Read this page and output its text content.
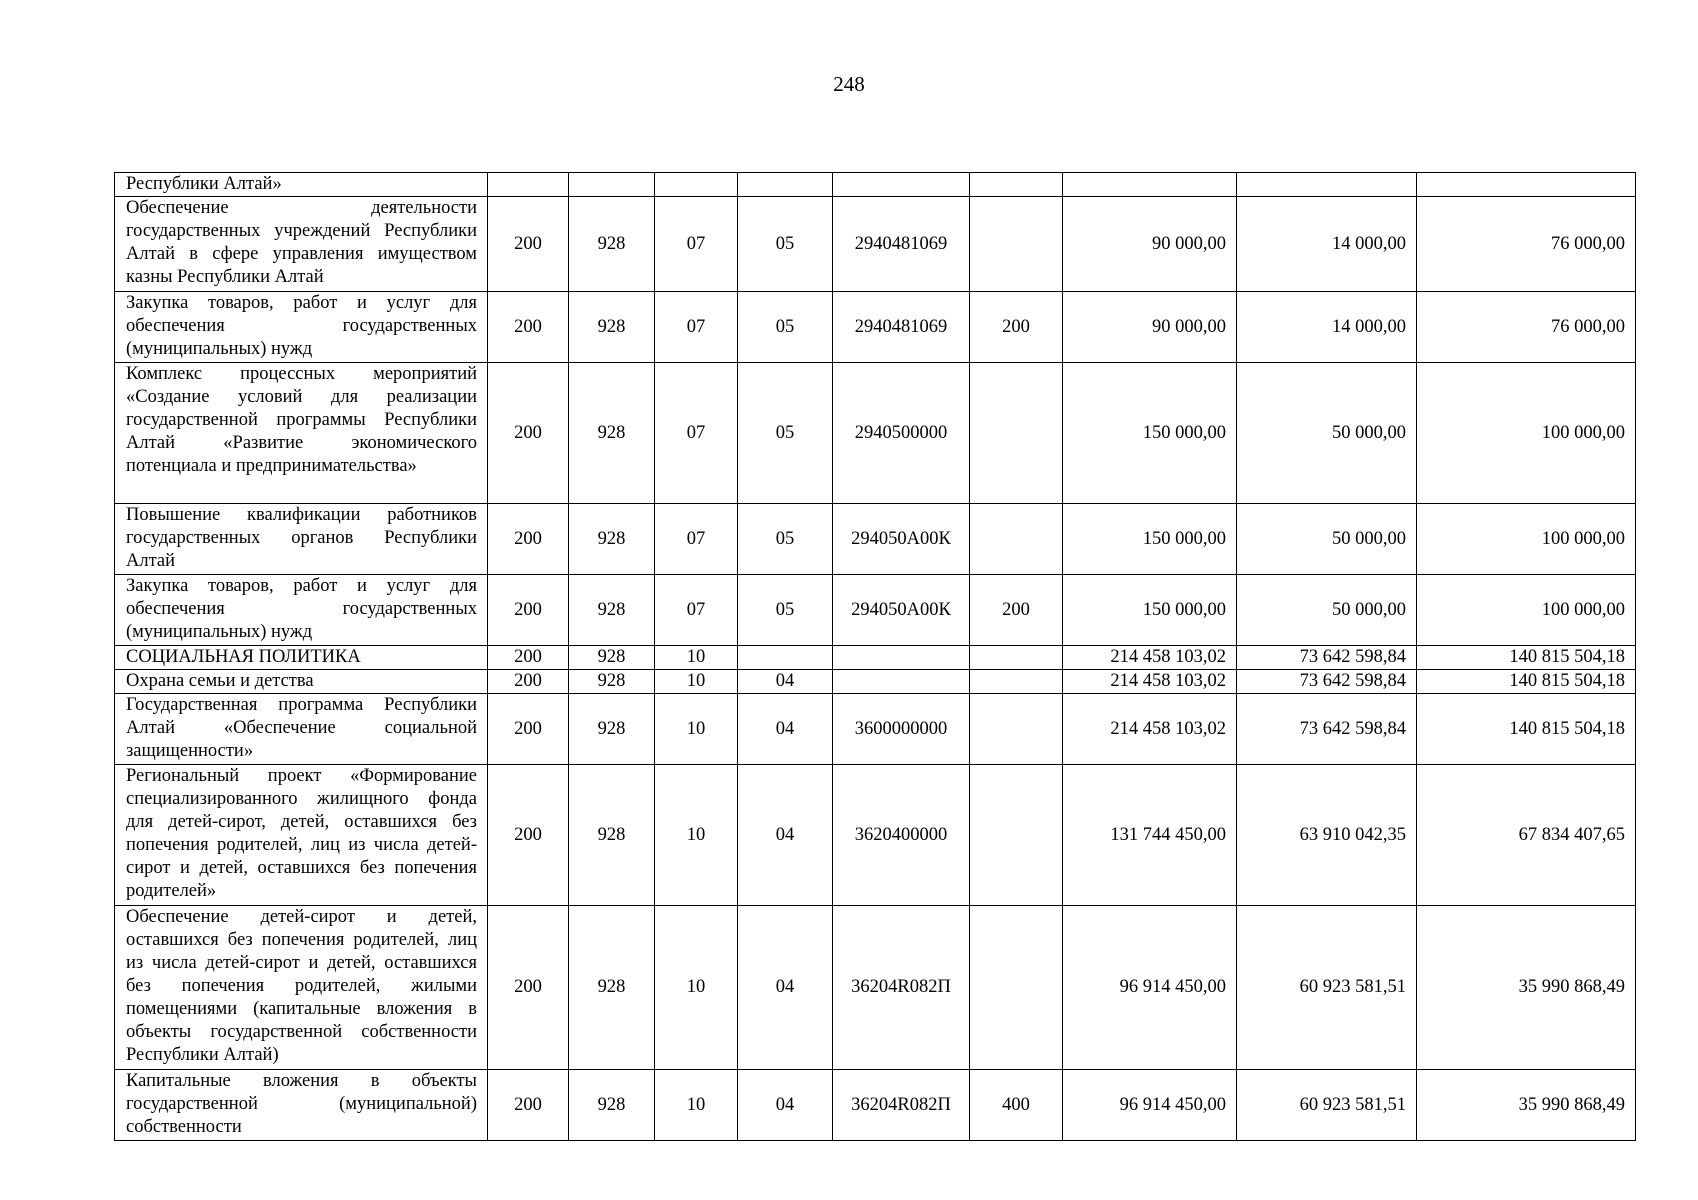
248
Республики Алтай»									
Обеспечение деятельности государственных учреждений Республики Алтай в сфере управления имуществом казны Республики Алтай	200	928	07	05	2940481069		90 000,00	14 000,00	76 000,00
Закупка товаров, работ и услуг для обеспечения государственных (муниципальных) нужд	200	928	07	05	2940481069	200	90 000,00	14 000,00	76 000,00
Комплекс процессных мероприятий «Создание условий для реализации государственной программы Республики Алтай «Развитие экономического потенциала и предпринимательства»	200	928	07	05	2940500000		150 000,00	50 000,00	100 000,00
Повышение квалификации работников государственных органов Республики Алтай	200	928	07	05	294050А00К		150 000,00	50 000,00	100 000,00
Закупка товаров, работ и услуг для обеспечения государственных (муниципальных) нужд	200	928	07	05	294050А00К	200	150 000,00	50 000,00	100 000,00
СОЦИАЛЬНАЯ ПОЛИТИКА	200	928	10				214 458 103,02	73 642 598,84	140 815 504,18
Охрана семьи и детства	200	928	10	04			214 458 103,02	73 642 598,84	140 815 504,18
Государственная программа Республики Алтай «Обеспечение социальной защищенности»	200	928	10	04	3600000000		214 458 103,02	73 642 598,84	140 815 504,18
Региональный проект «Формирование специализированного жилищного фонда для детей-сирот, детей, оставшихся без попечения родителей, лиц из числа детей-сирот и детей, оставшихся без попечения родителей»	200	928	10	04	3620400000		131 744 450,00	63 910 042,35	67 834 407,65
Обеспечение детей-сирот и детей, оставшихся без попечения родителей, лиц из числа детей-сирот и детей, оставшихся без попечения родителей, жилыми помещениями (капитальные вложения в объекты государственной собственности Республики Алтай)	200	928	10	04	36204R082П		96 914 450,00	60 923 581,51	35 990 868,49
Капитальные вложения в объекты государственной (муниципальной) собственности	200	928	10	04	36204R082П	400	96 914 450,00	60 923 581,51	35 990 868,49
